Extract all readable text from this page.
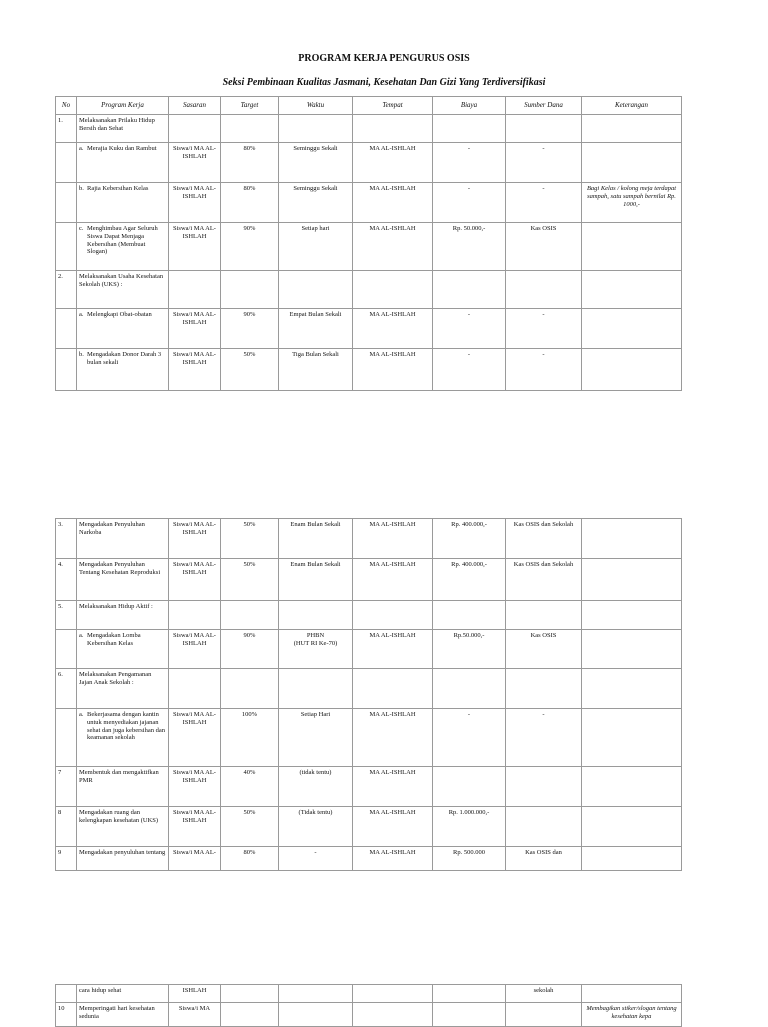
PROGRAM KERJA PENGURUS OSIS
Seksi Pembinaan Kualitas Jasmani, Kesehatan Dan Gizi Yang Terdiversifikasi
No	Program Kerja	Sasaran	Target	Waktu	Tempat	Biaya	Sumber Dana	Keterangan
1.	Melaksanakan Prilaku Hidup Bersih dan Sehat							

	a. Merajia Kuku dan Rambut	Siswa/i MA AL-ISHLAH	80%	Seminggu Sekali	MA AL-ISHLAH	-	-	

	b. Rajia Kebersihan Kelas	Siswa/i MA AL-ISHLAH	80%	Seminggu Sekali	MA AL-ISHLAH	-	-	Bagi Kelas / kolong meja terdapat sampah, satu sampah bernilai Rp. 1000,-

	c. Menghimbau Agar Seluruh Siswa Dapat Menjaga Kebersihan (Membuat Slogan)	Siswa/i MA AL-ISHLAH	90%	Setiap hari	MA AL-ISHLAH	Rp. 50.000,-	Kas OSIS	
2.	Melaksanakan Usaha Kesehatan Sekolah (UKS) :							

	a. Melengkapi Obat-obatan	Siswa/i MA AL-ISHLAH	90%	Empat Bulan Sekali	MA AL-ISHLAH	-	-	

	b. Mengadakan Donor Darah 3 bulan sekali	Siswa/i MA AL-ISHLAH	50%	Tiga Bulan Sekali	MA AL-ISHLAH	-	-	
3.	Mengadakan Penyuluhan Narkoba	Siswa/i MA AL-ISHLAH	50%	Enam Bulan Sekali	MA AL-ISHLAH	Rp. 400.000,-	Kas OSIS dan Sekolah	
4.	Mengadakan Penyuluhan Tentang Kesehatan Reproduksi	Siswa/i MA AL-ISHLAH	50%	Enam Bulan Sekali	MA AL-ISHLAH	Rp. 400.000,-	Kas OSIS dan Sekolah	
5.	Melaksanakan Hidup Aktif :							

	a. Mengadakan Lomba Kebersihan Kelas	Siswa/i MA AL-ISHLAH	90%	PHBN
(HUT RI Ke-70)	MA AL-ISHLAH	Rp.50.000,-	Kas OSIS	
6.	Melaksanakan Pengamanan Jajan Anak Sekolah :							

	a. Bekerjasama dengan kantin untuk menyediakan jajanan sehat dan juga kebersihan dan keamanan sekolah	Siswa/i MA AL-ISHLAH	100%	Setiap Hari	MA AL-ISHLAH	-	-	
7	Membentuk dan mengaktifkan PMR	Siswa/i MA AL-ISHLAH	40%	(tidak tentu)	MA AL-ISHLAH			
8	Mengadakan ruang dan kelengkapan kesehatan (UKS)	Siswa/i MA AL-ISHLAH	50%	(Tidak tentu)	MA AL-ISHLAH	Rp. 1.000.000,-		
9	Mengadakan penyuluhan tentang	Siswa/i MA AL-	80%	-	MA AL-ISHLAH	Rp. 500.000	Kas OSIS dan	
	cara hidup sehat	ISHLAH					sekolah	
10	Memperingati hari kesehatan sedunia	Siswa/i MA						Membagikan stiker/slogan tentang kesehatan kepa
